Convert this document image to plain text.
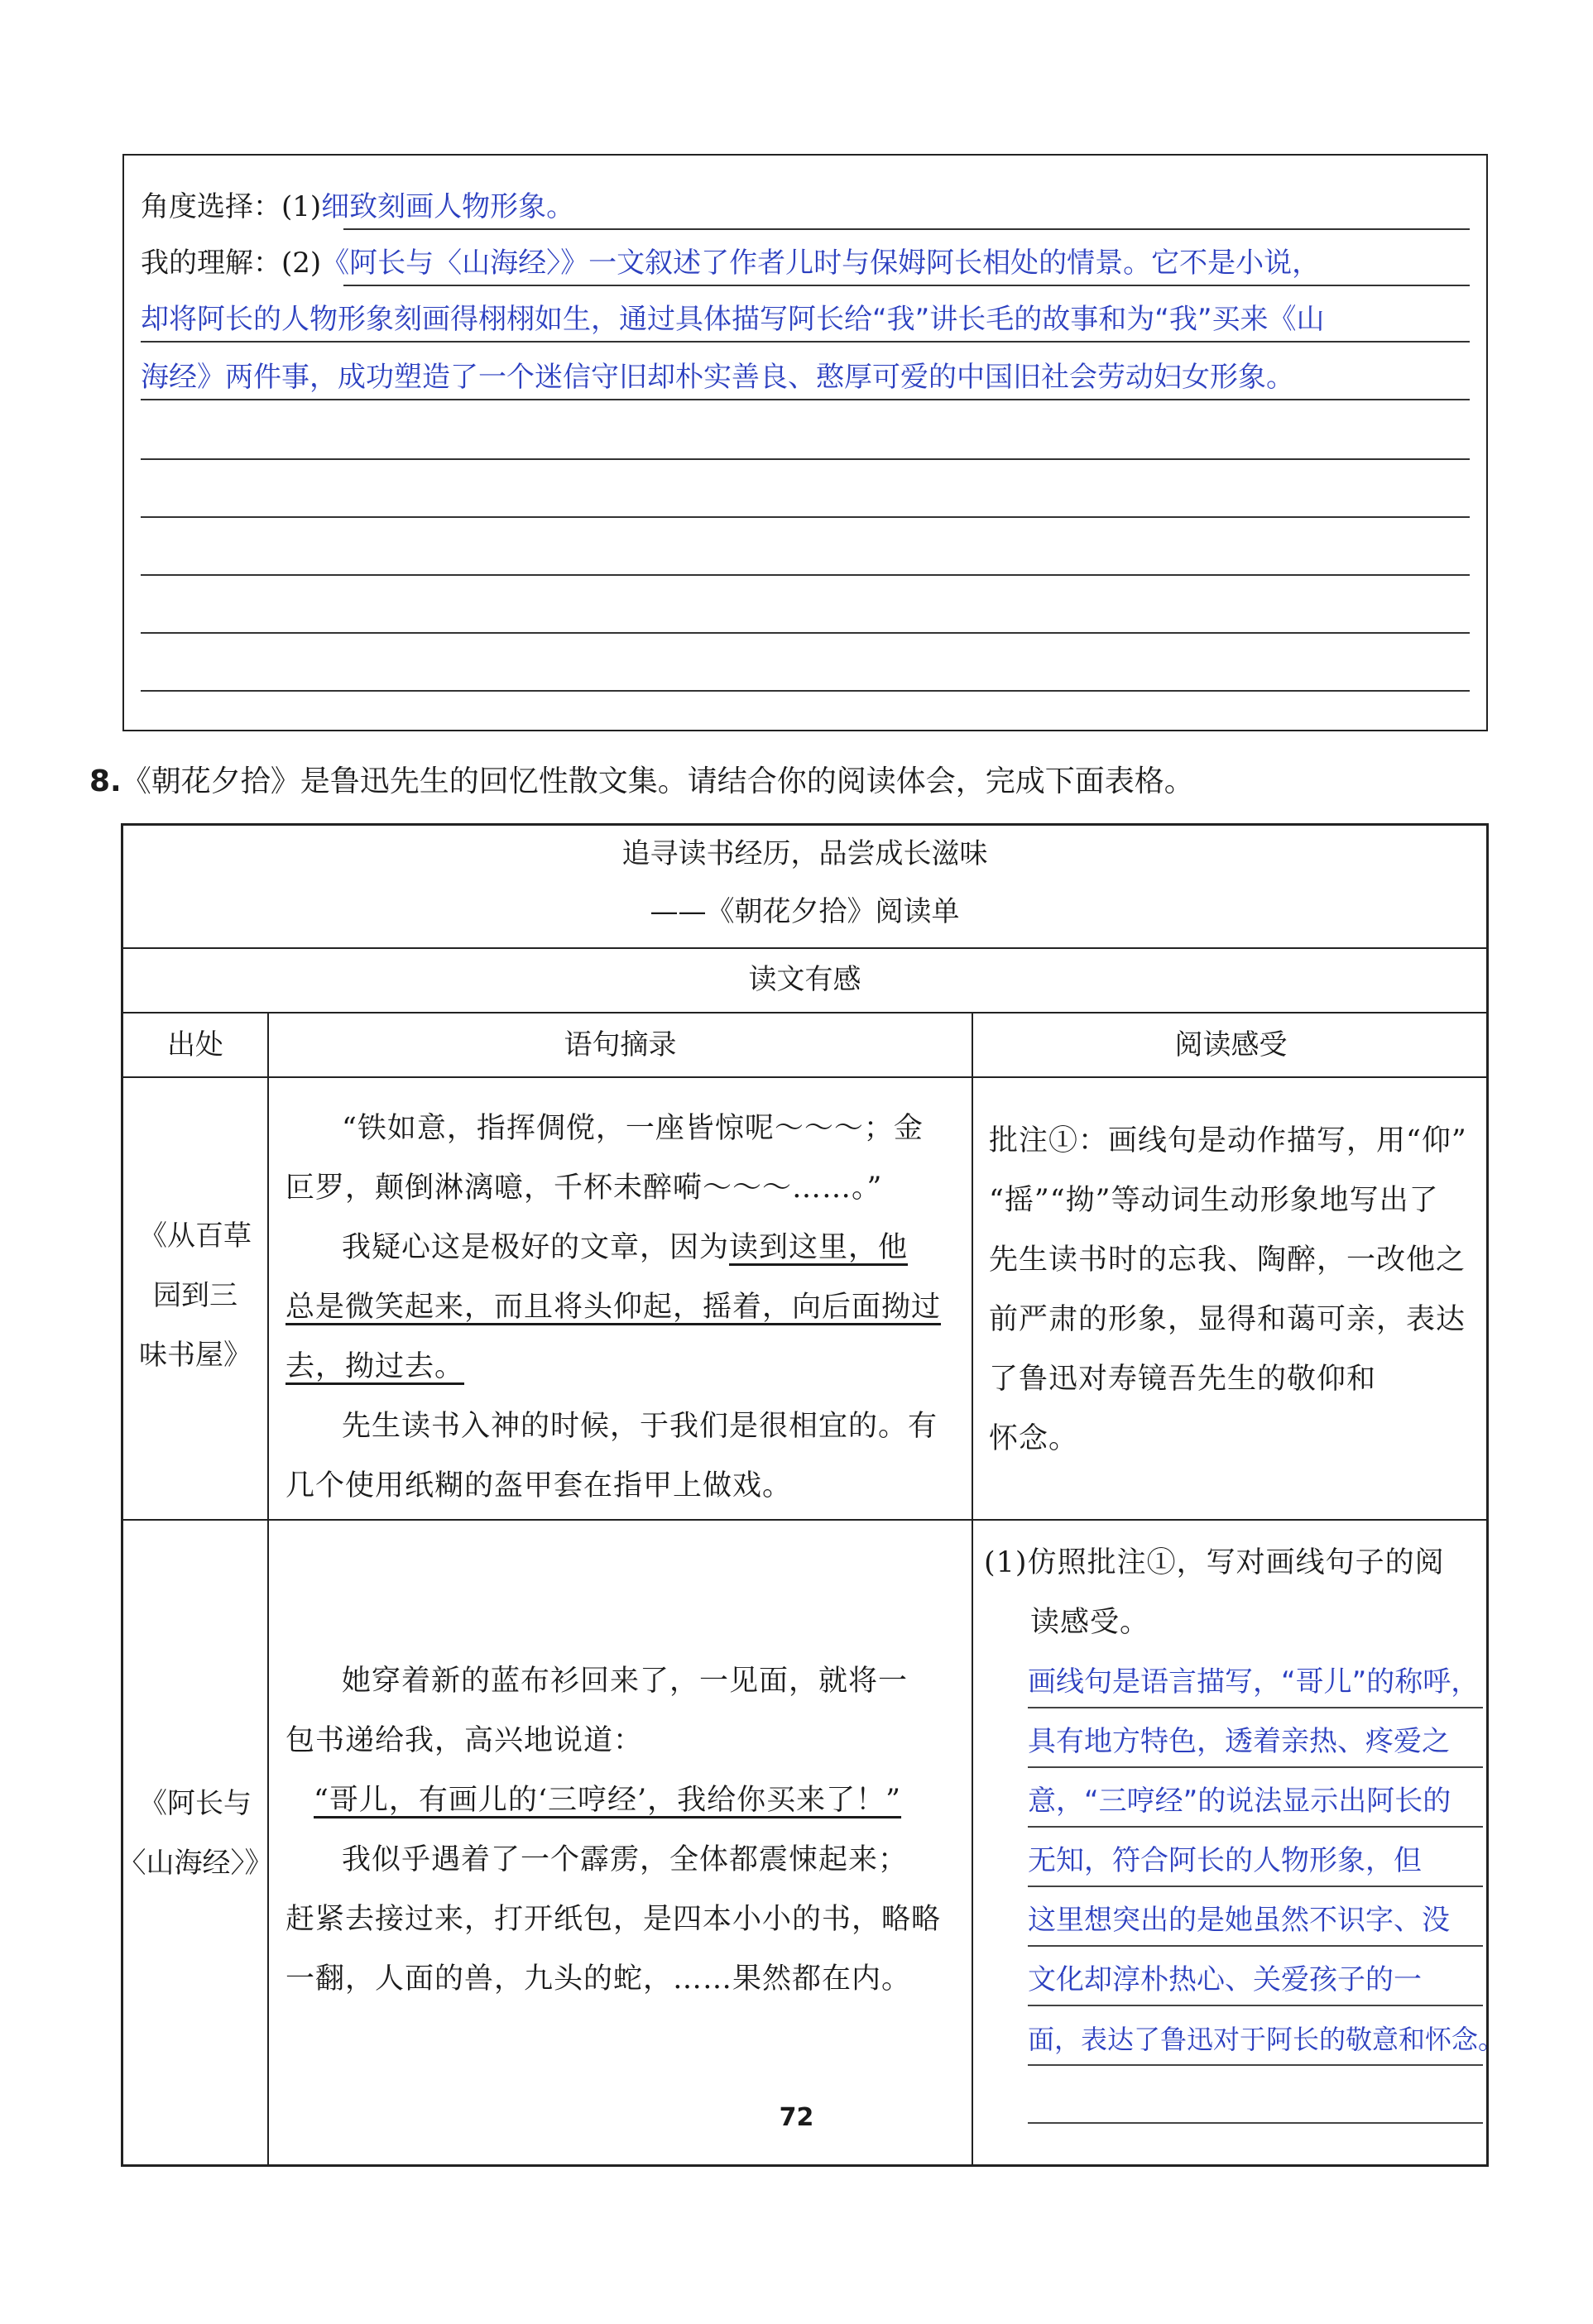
角度选择：(1)细致刻画人物形象。
我的理解：(2)《阿长与〈山海经〉》一文叙述了作者儿时与保姆阿长相处的情景。它不是小说，
却将阿长的人物形象刻画得栩栩如生，通过具体描写阿长给“我”讲长毛的故事和为“我”买来《山
海经》两件事，成功塑造了一个迷信守旧却朴实善良、憨厚可爱的中国旧社会劳动妇女形象。
8.《朝花夕拾》是鲁迅先生的回忆性散文集。请结合你的阅读体会，完成下面表格。
追寻读书经历，品尝成长滋味
——《朝花夕拾》阅读单
读文有感
出处	语句摘录	阅读感受
《从百草
园到三
味书屋》
“铁如意，指挥倜傥，一座皆惊呢～～～；金
叵罗，颠倒淋漓噫，千杯未醉嗬～～～……。”
我疑心这是极好的文章，因为读到这里，他
总是微笑起来，而且将头仰起，摇着，向后面拗过
去，拗过去。
先生读书入神的时候，于我们是很相宜的。有
几个使用纸糊的盔甲套在指甲上做戏。
批注①：画线句是动作描写，用“仰”
“摇”“拗”等动词生动形象地写出了
先生读书时的忘我、陶醉，一改他之
前严肃的形象，显得和蔼可亲，表达
了鲁迅对寿镜吾先生的敬仰和
怀念。
《阿长与
〈山海经〉》
她穿着新的蓝布衫回来了，一见面，就将一
包书递给我，高兴地说道：
“哥儿，有画儿的‘三哼经’，我给你买来了！”
我似乎遇着了一个霹雳，全体都震悚起来；
赶紧去接过来，打开纸包，是四本小小的书，略略
一翻，人面的兽，九头的蛇，……果然都在内。
(1)仿照批注①，写对画线句子的阅
读感受。
画线句是语言描写，“哥儿”的称呼，
具有地方特色，透着亲热、疼爱之
意，“三哼经”的说法显示出阿长的
无知，符合阿长的人物形象，但
这里想突出的是她虽然不识字、没
文化却淳朴热心、关爱孩子的一
面，表达了鲁迅对于阿长的敬意和怀念。
72
